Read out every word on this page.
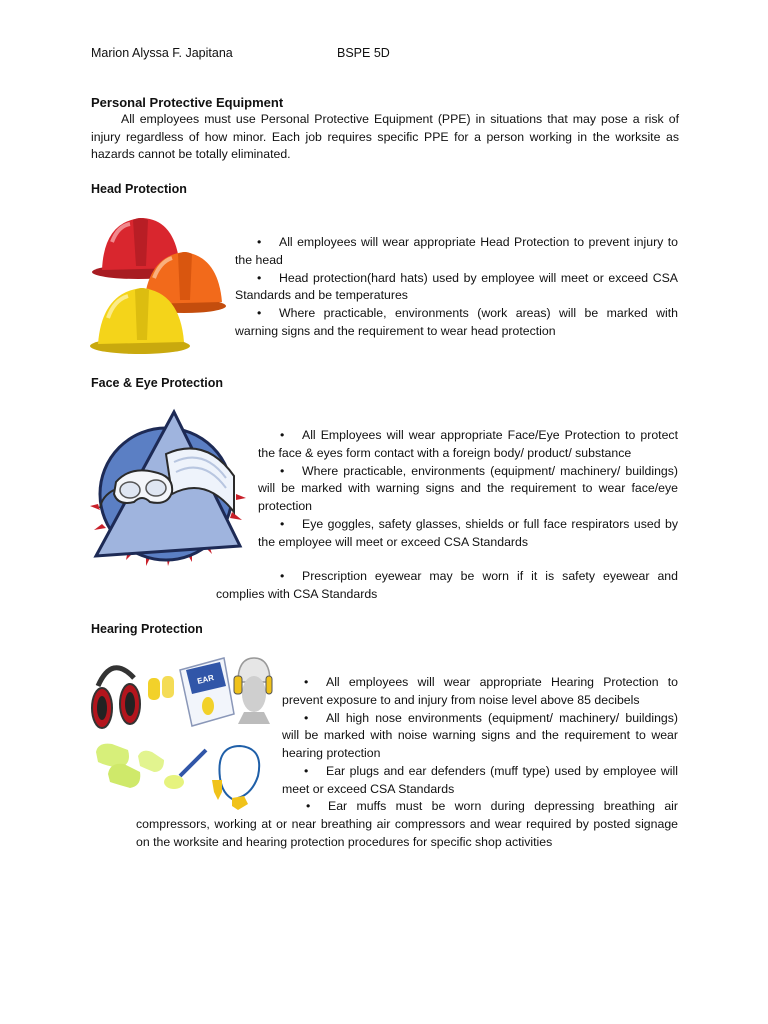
Marion Alyssa F. Japitana	BSPE 5D
Personal Protective Equipment
All employees must use Personal Protective Equipment (PPE) in situations that may pose a risk of injury regardless of how minor. Each job requires specific PPE for a person working in the worksite as hazards cannot be totally eliminated.
Head Protection

• All employees will wear appropriate Head Protection to prevent injury to the head

• Head protection(hard hats) used by employee will meet or exceed CSA Standards and be temperatures

• Where practicable, environments (work areas) will be marked with warning signs and the requirement to wear head protection

Face & Eye Protection

• All Employees will wear appropriate Face/Eye Protection to protect the face & eyes form contact with a foreign body/ product/ substance

• Where practicable, environments (equipment/ machinery/ buildings) will be marked with warning signs and the requirement to wear face/eye protection

• Eye goggles, safety glasses, shields or full face respirators used by the employee will meet or exceed CSA Standards

• Prescription eyewear may be worn if it is safety eyewear and complies with CSA Standards

Hearing Protection
EAR	• All employees will wear appropriate Hearing Protection to prevent exposure to and injury from noise level above 85 decibels

• All high nose environments (equipment/ machinery/ buildings) will be marked with noise warning signs and the requirement to wear hearing protection

• Ear plugs and ear defenders (muff type) used by employee will meet or exceed CSA Standards

• Ear muffs must be worn during depressing breathing air compressors, working at or near breathing air compressors and wear required by posted signage on the worksite and hearing protection procedures for specific shop activities
